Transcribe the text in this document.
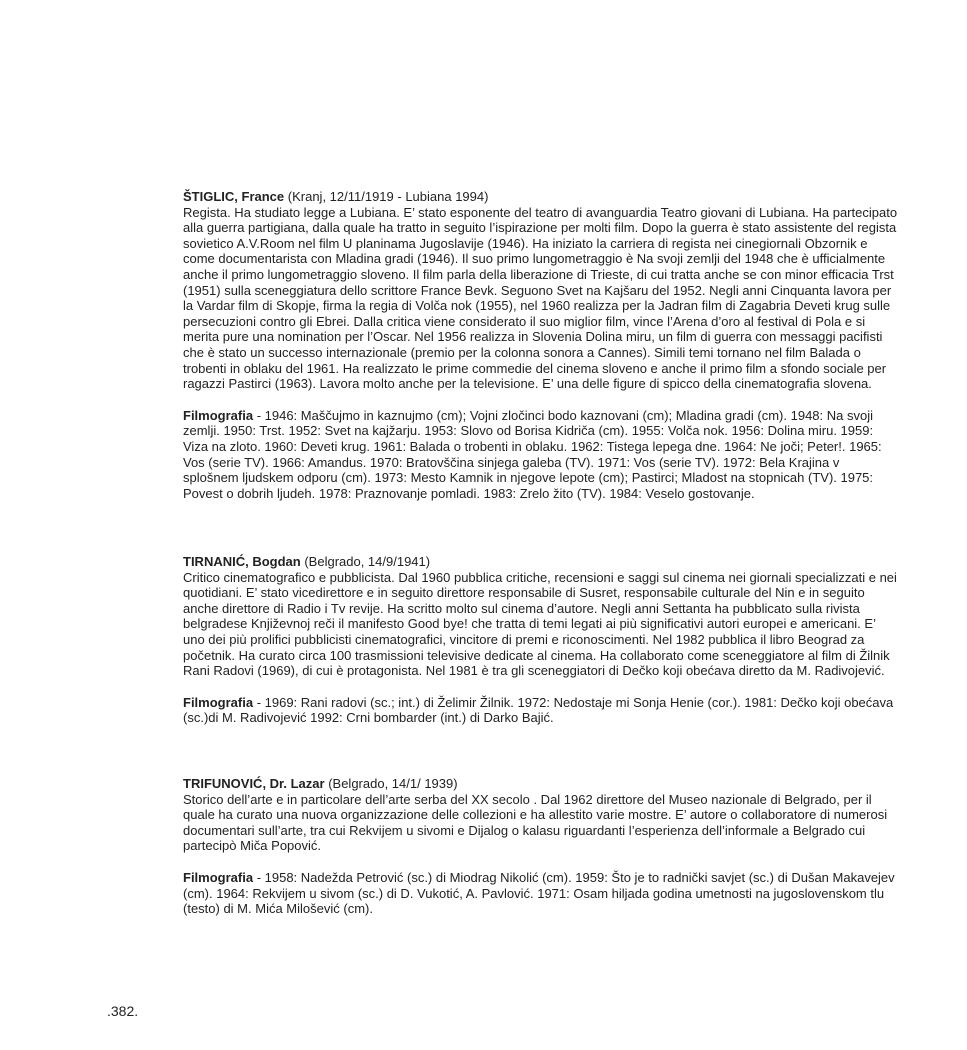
ŠTIGLIC, France (Kranj, 12/11/1919 - Lubiana 1994)
Regista. Ha studiato legge a Lubiana. E’ stato esponente del teatro di avanguardia Teatro giovani di Lubiana. Ha partecipato alla guerra partigiana, dalla quale ha tratto in seguito l’ispirazione per molti film. Dopo la guerra è stato assistente del regista sovietico A.V.Room nel film U planinama Jugoslavije (1946). Ha iniziato la carriera di regista nei cinegiornali Obzornik e come documentarista con Mladina gradi (1946). Il suo primo lungometraggio è Na svoji zemlji del 1948 che è ufficialmente anche il primo lungometraggio sloveno. Il film parla della liberazione di Trieste, di cui tratta anche se con minor efficacia Trst (1951) sulla sceneggiatura dello scrittore France Bevk. Seguono Svet na Kajšaru del 1952. Negli anni Cinquanta lavora per la Vardar film di Skopje, firma la regia di Volča nok (1955), nel 1960 realizza per la Jadran film di Zagabria Deveti krug sulle persecuzioni contro gli Ebrei. Dalla critica viene considerato il suo miglior film, vince l’Arena d’oro al festival di Pola e si merita pure una nomination per l’Oscar. Nel 1956 realizza in Slovenia Dolina miru, un film di guerra con messaggi pacifisti che è stato un successo internazionale (premio per la colonna sonora a Cannes). Simili temi tornano nel film Balada o trobenti in oblaku del 1961. Ha realizzato le prime commedie del cinema sloveno e anche il primo film a sfondo sociale per ragazzi Pastirci (1963). Lavora molto anche per la televisione. E’ una delle figure di spicco della cinematografia slovena.

Filmografia - 1946: Maščujmo in kaznujmo (cm); Vojni zločinci bodo kaznovani (cm); Mladina gradi (cm). 1948: Na svoji zemlji. 1950: Trst. 1952: Svet na kajžarju. 1953: Slovo od Borisa Kidriča (cm). 1955: Volča nok. 1956: Dolina miru. 1959: Viza na zloto. 1960: Deveti krug. 1961: Balada o trobenti in oblaku. 1962: Tistega lepega dne. 1964: Ne joči; Peter!. 1965: Vos (serie TV). 1966: Amandus. 1970: Bratovščina sinjega galeba (TV). 1971: Vos (serie TV). 1972: Bela Krajina v splošnem ljudskem odporu (cm). 1973: Mesto Kamnik in njegove lepote (cm); Pastirci; Mladost na stopnicah (TV). 1975: Povest o dobrih ljudeh. 1978: Praznovanje pomladi. 1983: Zrelo žito (TV). 1984: Veselo gostovanje.

TIRNANIĆ, Bogdan (Belgrado, 14/9/1941)
Critico cinematografico e pubblicista. Dal 1960 pubblica critiche, recensioni e saggi sul cinema nei giornali specializzati e nei quotidiani. E’ stato vicedirettore e in seguito direttore responsabile di Susret, responsabile culturale del Nin e in seguito anche direttore di Radio i Tv revije. Ha scritto molto sul cinema d’autore. Negli anni Settanta ha pubblicato sulla rivista belgradese Književnoj reči il manifesto Good bye! che tratta di temi legati ai più significativi autori europei e americani. E’ uno dei più prolifici pubblicisti cinematografici, vincitore di premi e riconoscimenti. Nel 1982 pubblica il libro Beograd za početnik. Ha curato circa 100 trasmissioni televisive dedicate al cinema. Ha collaborato come sceneggiatore al film di Žilnik Rani Radovi (1969), di cui è protagonista. Nel 1981 è tra gli sceneggiatori di Dečko koji obećava diretto da M. Radivojević.

Filmografia - 1969: Rani radovi (sc.; int.) di Želimir Žilnik. 1972: Nedostaje mi Sonja Henie (cor.). 1981: Dečko koji obećava (sc.)di M. Radivojević 1992: Crni bombarder (int.) di Darko Bajić.

TRIFUNOVIĆ, Dr. Lazar (Belgrado, 14/1/ 1939)
Storico dell’arte e in particolare dell’arte serba del XX secolo . Dal 1962 direttore del Museo nazionale di Belgrado, per il quale ha curato una nuova organizzazione delle collezioni e ha allestito varie mostre. E’ autore o collaboratore di numerosi documentari sull’arte, tra cui Rekvijem u sivomi e Dijalog o kalasu riguardanti l’esperienza dell’informale a Belgrado cui partecipò Miča Popović.

Filmografia - 1958: Nadežda Petrović (sc.) di Miodrag Nikolić (cm). 1959: Što je to radnički savjet (sc.) di Dušan Makavejev (cm). 1964: Rekvijem u sivom (sc.) di D. Vukotić, A. Pavlović. 1971: Osam hiljada godina umetnosti na jugoslovenskom tlu (testo) di M. Mića Milošević (cm).

.382.
